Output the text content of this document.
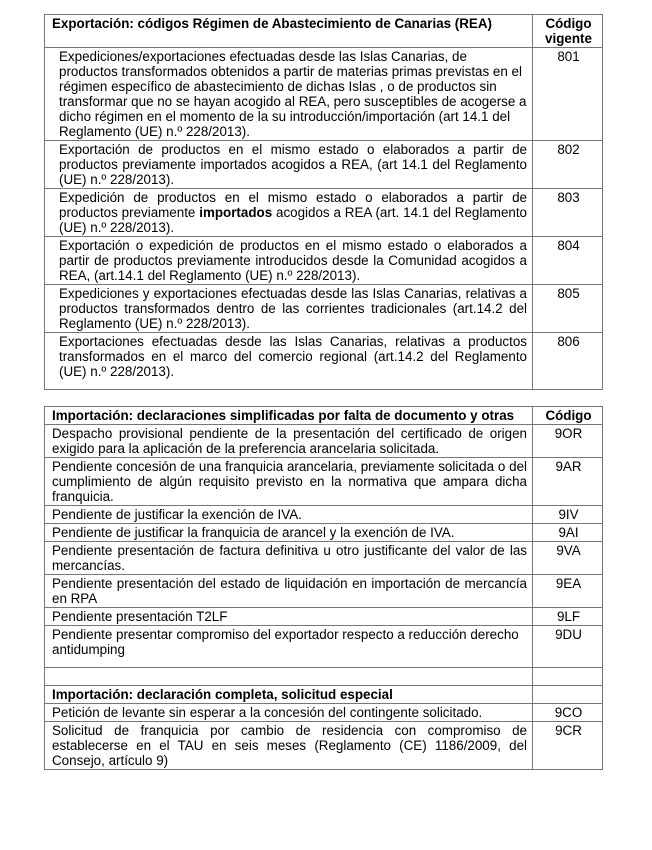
Exportación: códigos Régimen de Abastecimiento de Canarias (REA)	Código vigente
Expediciones/exportaciones efectuadas desde las Islas Canarias, de productos transformados obtenidos a partir de materias primas previstas en el régimen específico de abastecimiento de dichas Islas , o de productos sin transformar que no se hayan acogido al REA, pero susceptibles de acogerse a dicho régimen en el momento de la su introducción/importación (art 14.1 del Reglamento (UE) n.º 228/2013).	801
Exportación de productos en el mismo estado o elaborados a partir de productos previamente importados acogidos a REA, (art 14.1 del Reglamento (UE) n.º 228/2013).	802
Expedición de productos en el mismo estado o elaborados a partir de productos previamente importados acogidos a REA (art. 14.1 del Reglamento (UE) n.º 228/2013).	803
Exportación o expedición de productos en el mismo estado o elaborados a partir de productos previamente introducidos desde la Comunidad acogidos a REA, (art.14.1 del Reglamento (UE) n.º 228/2013).	804
Expediciones y exportaciones efectuadas desde las Islas Canarias, relativas a productos transformados dentro de las corrientes tradicionales (art.14.2 del Reglamento (UE) n.º 228/2013).	805
Exportaciones efectuadas desde las Islas Canarias, relativas a productos transformados en el marco del comercio regional (art.14.2 del Reglamento (UE) n.º 228/2013).	806
Importación: declaraciones simplificadas por falta de documento y otras	Código
Despacho provisional pendiente de la presentación del certificado de origen exigido para la aplicación de la preferencia arancelaria solicitada.	9OR
Pendiente concesión de una franquicia arancelaria, previamente solicitada o del cumplimiento de algún requisito previsto en la normativa que ampara dicha franquicia.	9AR
Pendiente de justificar la exención de IVA.	9IV
Pendiente de justificar la franquicia de arancel y la exención de IVA.	9AI
Pendiente presentación de factura definitiva u otro justificante del valor de las mercancías.	9VA
Pendiente presentación del estado de liquidación en importación de mercancía en RPA	9EA
Pendiente presentación T2LF	9LF
Pendiente presentar compromiso del exportador respecto a reducción derecho antidumping	9DU

Importación: declaración completa, solicitud especial	
Petición de levante sin esperar a la concesión del contingente solicitado.	9CO
Solicitud de franquicia por cambio de residencia con compromiso de establecerse en el TAU en seis meses (Reglamento (CE) 1186/2009, del Consejo, artículo 9)	9CR
